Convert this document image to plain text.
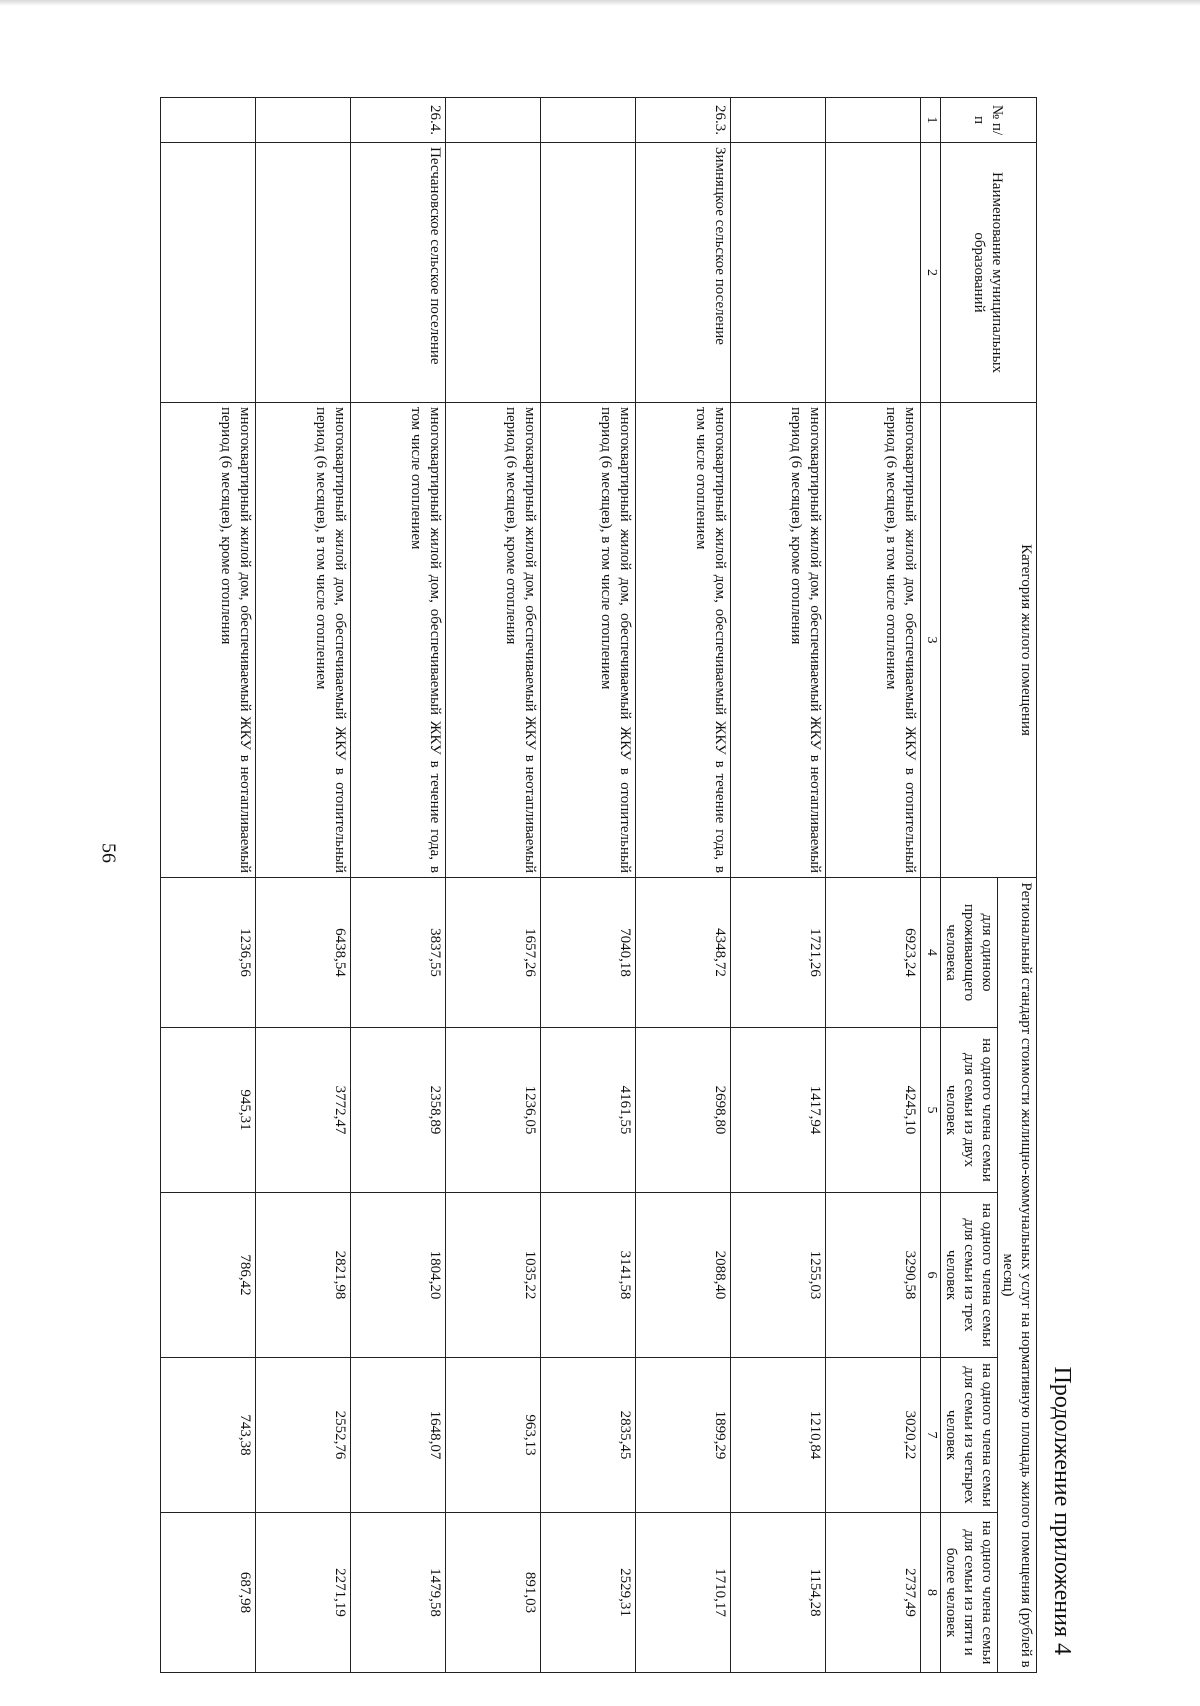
56
Продолжение приложения 4
№ п/п	Наименование муниципальных образований	Категория жилого помещения	Региональный стандарт стоимости жилищно-коммунальных услуг на нормативную площадь жилого помещения (рублей в месяц)				
			для одиноко проживающего человека	на одного члена семьи для семьи из двух человек	на одного члена семьи для семьи из трех человек	на одного члена семьи для семьи из четырех человек	на одного члена семьи для семьи из пяти и более человек
1	2	3	4	5	6	7	8
		многоквартирный жилой дом, обеспечиваемый ЖКУ в отопительный период (6 месяцев), в том числе отоплением	6923,24	4245,10	3290,58	3020,22	2737,49
		многоквартирный жилой дом, обеспечиваемый ЖКУ в неотапливаемый период (6 месяцев), кроме отопления	1721,26	1417,94	1255,03	1210,84	1154,28
26.3.	Зимняцкое сельское поселение	многоквартирный жилой дом, обеспечиваемый ЖКУ в течение года, в том числе отоплением	4348,72	2698,80	2088,40	1899,29	1710,17
		многоквартирный жилой дом, обеспечиваемый ЖКУ в отопительный период (6 месяцев), в том числе отоплением	7040,18	4161,55	3141,58	2835,45	2529,31
		многоквартирный жилой дом, обеспечиваемый ЖКУ в неотапливаемый период (6 месяцев), кроме отопления	1657,26	1236,05	1035,22	963,13	891,03
26.4.	Песчановское сельское поселение	многоквартирный жилой дом, обеспечиваемый ЖКУ в течение года, в том числе отоплением	3837,55	2358,89	1804,20	1648,07	1479,58
		многоквартирный жилой дом, обеспечиваемый ЖКУ в отопительный период (6 месяцев), в том числе отоплением	6438,54	3772,47	2821,98	2552,76	2271,19
		многоквартирный жилой дом, обеспечиваемый ЖКУ в неотапливаемый период (6 месяцев), кроме отопления	1236,56	945,31	786,42	743,38	687,98
